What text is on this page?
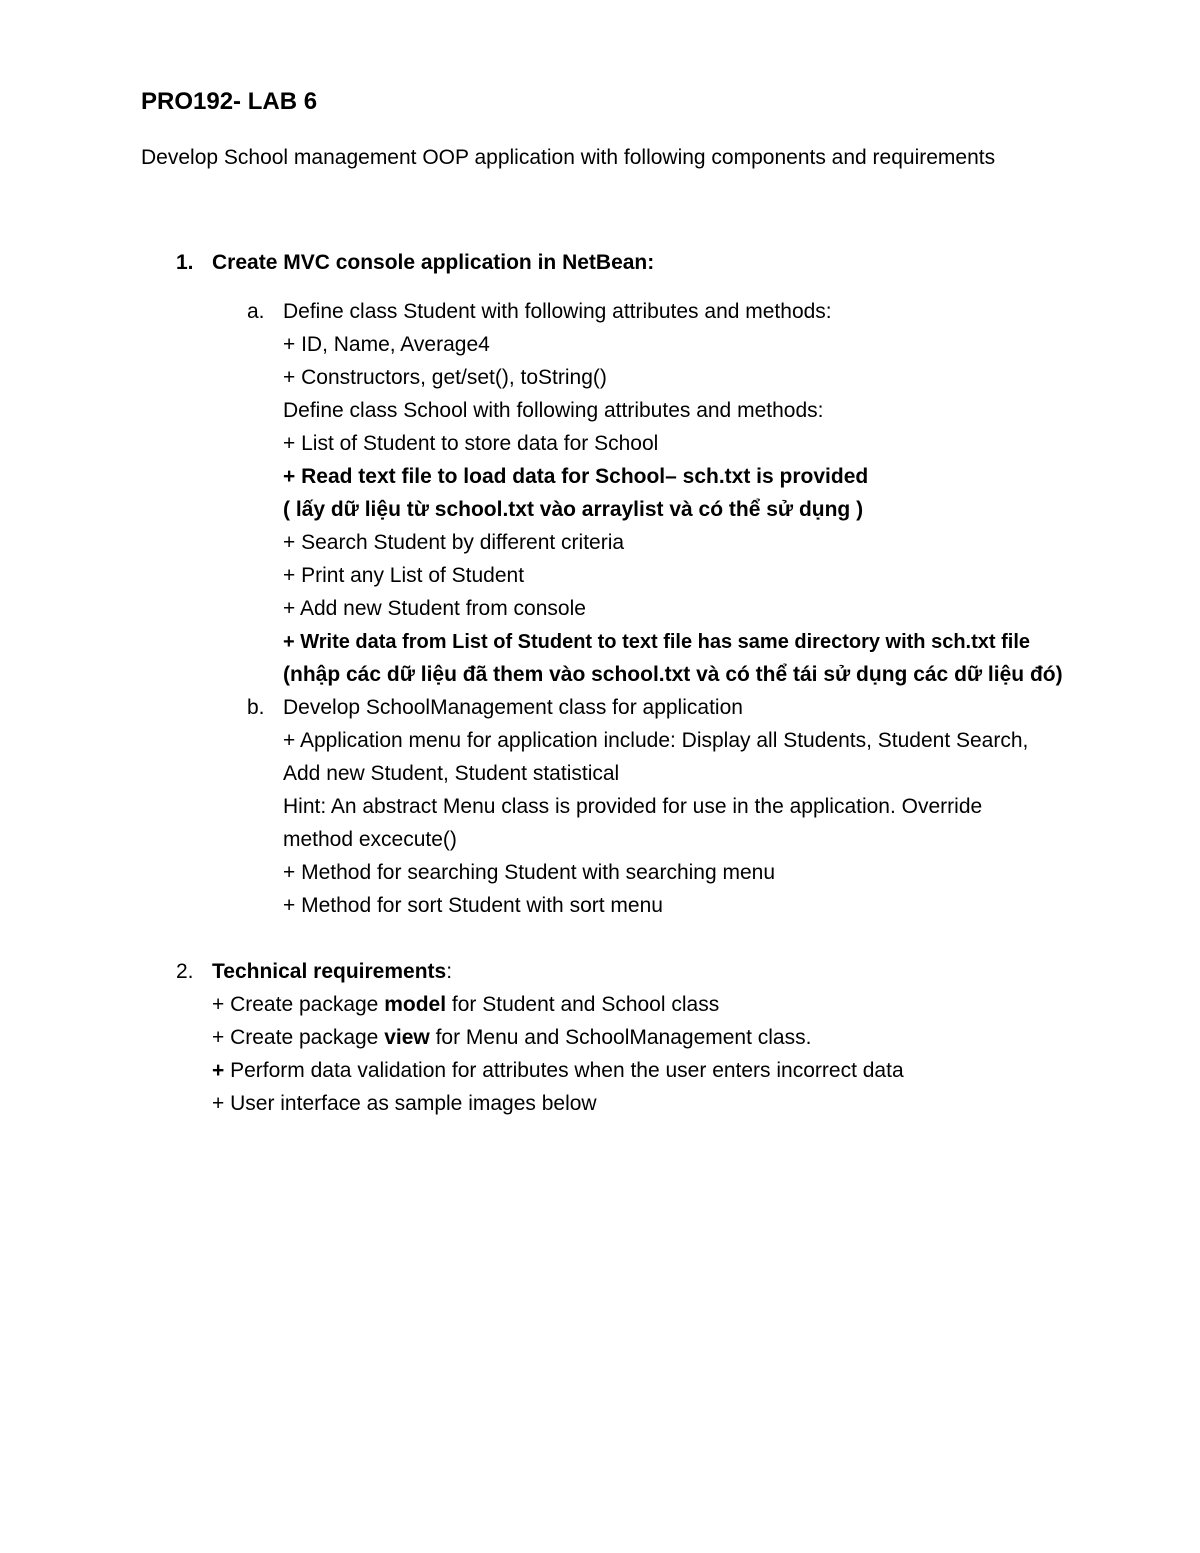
PRO192- LAB 6
Develop School management OOP application with following components and requirements
1. Create MVC console application in NetBean:
a. Define class Student with following attributes and methods:
+ ID, Name, Average4
+ Constructors, get/set(), toString()
Define class School with following attributes and methods:
+ List of Student to store data for School
+ Read text file to load data for School– sch.txt is provided
( lấy dữ liệu từ school.txt vào arraylist và có thể sử dụng )
+ Search Student by different criteria
+ Print any List of Student
+ Add new Student from console
+ Write data from List of Student to text file has same directory with sch.txt file
(nhập các dữ liệu đã them vào school.txt và có thể tái sử dụng các dữ liệu đó)
b. Develop SchoolManagement class for application
+ Application menu for application include: Display all Students, Student Search,
Add new Student, Student statistical
Hint: An abstract Menu class is provided for use in the application. Override
method excecute()
+ Method for searching Student with searching menu
+ Method for sort Student with sort menu
2. Technical requirements:
+ Create package model for Student and School class
+ Create package view for Menu and SchoolManagement class.
+ Perform data validation for attributes when the user enters incorrect data
+ User interface as sample images below
